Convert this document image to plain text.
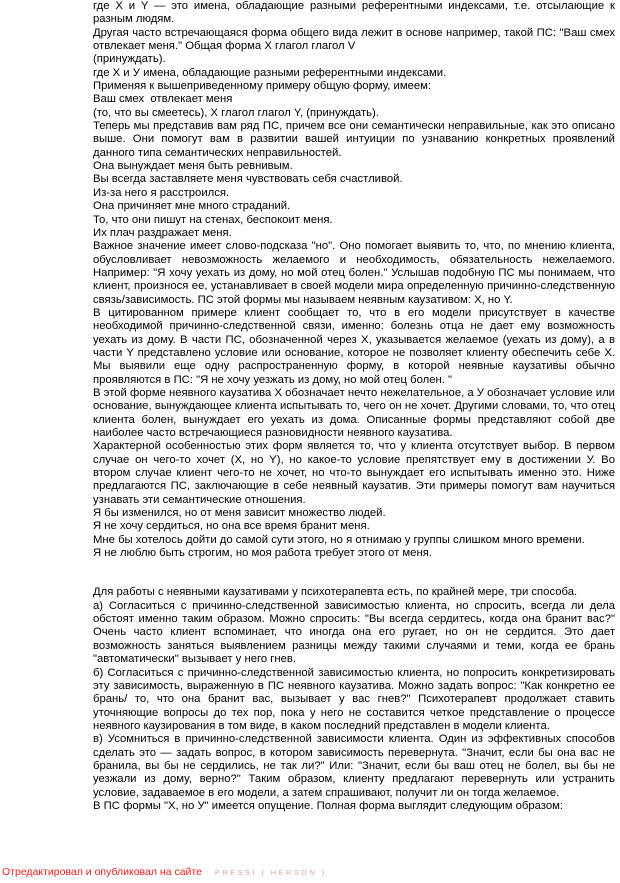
где Х и Y — это имена, обладающие разными референтными индексами, т.е. отсылающие к разным людям.

Другая часто встречающаяся форма общего вида лежит в основе например, такой ПС: "Ваш смех отвлекает меня." Общая форма Х глагол глагол V

(принуждать).

где Х и У имена, обладающие разными референтными индексами.

Применяя к вышеприведенному примеру общую форму, имеем:

Ваш смех  отвлекает меня

(то, что вы смеетесь), Х глагол глагол Y, (принуждать).

Теперь мы представив вам ряд ПС, причем все они семантически неправильные, как это описано выше. Они помогут вам в развитии вашей интуиции по узнаванию конкретных проявлений данного типа семантических неправильностей.

Она вынуждает меня быть ревнивым.

Вы всегда заставляете меня чувствовать себя счастливой.

Из-за него я расстроился.

Она причиняет мне много страданий.

То, что они пишут на стенах, беспокоит меня.

Их плач раздражает меня.

Важное значение имеет слово-подсказа "но". Оно помогает выявить то, что, по мнению клиента, обусловливает невозможность желаемого и необходимость, обязательность нежелаемого. Например: "Я хочу уехать из дому, но мой отец болен." Услышав подобную ПС мы понимаем, что клиент, произнося ее, устанавливает в своей модели мира определенную причинно-следственную связь/зависимость. ПС этой формы мы называем неявным каузативом: Х, но Y.

В цитированном примере клиент сообщает то, что в его модели присутствует в качестве необходимой причинно-следственной связи, именно: болезнь отца не дает ему возможность уехать из дому. В части ПС, обозначенной через Х, указывается желаемое (уехать из дому), а в части Y представлено условие или основание, которое не позволяет клиенту обеспечить себе Х. Мы выявили еще одну распространенную форму, в которой неявные каузативы обычно проявляются в ПС: "Я не хочу уезжать из дому, но мой отец болен. "

В этой форме неявного каузатива Х обозначает нечто нежелательное, а У обозначает условие или основание, вынуждающее клиента испытывать то, чего он не хочет. Другими словами, то, что отец клиента болен, вынуждает его уехать из дома. Описанные формы представляют собой две наиболее часто встречающиеся разновидности неявного каузатива.

Характерной особенностью этих форм является то, что у клиента отсутствует выбор. В первом случае он чего-то хочет (Х, но Y), но какое-то условие препятствует ему в достижении У. Во втором случае клиент чего-то не хочет, но что-то вынуждает его испытывать именно это. Ниже предлагаются ПС, заключающие в себе неявный каузатив. Эти примеры помогут вам научиться узнавать эти семантические отношения.

Я бы изменился, но от меня зависит множество людей.

Я не хочу сердиться, но она все время бранит меня.

Мне бы хотелось дойти до самой сути этого, но я отнимаю у группы слишком много времени.

Я не люблю быть строгим, но моя работа требует этого от меня.

Для работы с неявными каузативами у психотерапевта есть, по крайней мере, три способа.

а) Согласиться с причинно-следственной зависимостью клиента, но спросить, всегда ли дела обстоят именно таким образом. Можно спросить: "Вы всегда сердитесь, когда она бранит вас?" Очень часто клиент вспоминает, что иногда она его ругает, но он не сердится. Это дает возможность заняться выявлением разницы между такими случаями и теми, когда ее брань "автоматически" вызывает у него гнев.

б) Согласиться с причинно-следственной зависимостью клиента, но попросить конкретизировать эту зависимость, выраженную в ПС неявного каузатива. Можно задать вопрос: "Как конкретно ее брань/ то, что она бранит вас, вызывает у вас гнев?" Психотерапевт продолжает ставить уточняющие вопросы до тех пор, пока у него не составится четкое представление о процессе неявного каузирования в том виде, в каком последний представлен в модели клиента.

в) Усомниться в причинно-следственной зависимости клиента. Один из эффективных способов сделать это — задать вопрос, в котором зависимость перевернута. "Значит, если бы она вас не бранила, вы бы не сердились, не так ли?" Или: "Значит, если бы ваш отец не болел, вы бы не уезжали из дому, верно?" Таким образом, клиенту предлагают перевернуть или устранить условие, задаваемое в его модели, а затем спрашивают, получит ли он тогда желаемое.

В ПС формы "Х, но У" имеется опущение. Полная форма выглядит следующим образом:

Отредактировал и опубликовал на сайте : PRESSI ( HERSON )
